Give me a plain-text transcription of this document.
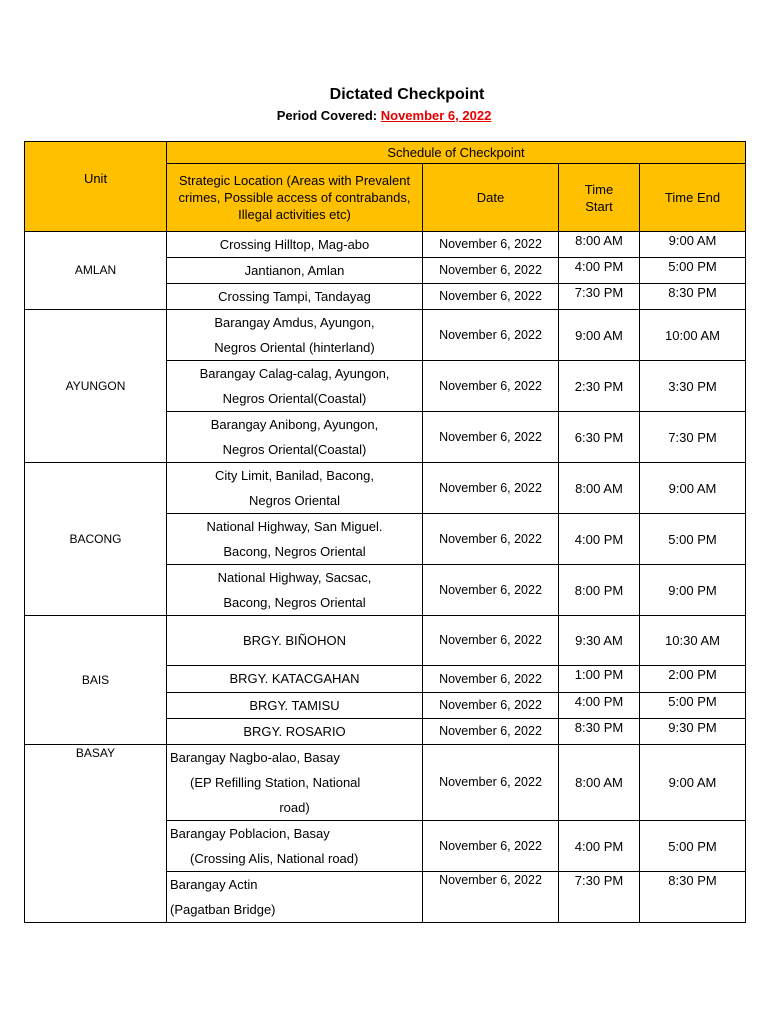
Dictated Checkpoint
Period Covered: November 6, 2022
Unit	Schedule of Checkpoint			
	Strategic Location (Areas with Prevalent crimes, Possible access of contrabands, Illegal activities etc)	Date	Time Start	Time End
AMLAN	Crossing Hilltop, Mag-abo	November 6, 2022	8:00 AM	9:00 AM

	Jantianon, Amlan	November 6, 2022	4:00 PM	5:00 PM

	Crossing Tampi, Tandayag	November 6, 2022	7:30 PM	8:30 PM
AYUNGON	Barangay Amdus, Ayungon,
Negros Oriental (hinterland)	November 6, 2022	9:00 AM	10:00 AM

	Barangay Calag-calag, Ayungon,
Negros Oriental(Coastal)	November 6, 2022	2:30 PM	3:30 PM

	Barangay Anibong, Ayungon,
Negros Oriental(Coastal)	November 6, 2022	6:30 PM	7:30 PM
BACONG	City Limit, Banilad, Bacong,
Negros Oriental	November 6, 2022	8:00 AM	9:00 AM

	National Highway, San Miguel.
Bacong, Negros Oriental	November 6, 2022	4:00 PM	5:00 PM

	National Highway, Sacsac,
Bacong, Negros Oriental	November 6, 2022	8:00 PM	9:00 PM
BAIS	BRGY. BIÑOHON	November 6, 2022	9:30 AM	10:30 AM

	BRGY. KATACGAHAN	November 6, 2022	1:00 PM	2:00 PM

	BRGY. TAMISU	November 6, 2022	4:00 PM	5:00 PM

	BRGY. ROSARIO	November 6, 2022	8:30 PM	9:30 PM
BASAY	Barangay Nagbo-alao, Basay
(EP Refilling Station, National
road)	November 6, 2022	8:00 AM	9:00 AM

	Barangay Poblacion, Basay
(Crossing Alis, National road)	November 6, 2022	4:00 PM	5:00 PM

	Barangay Actin
(Pagatban Bridge)	November 6, 2022	7:30 PM	8:30 PM
